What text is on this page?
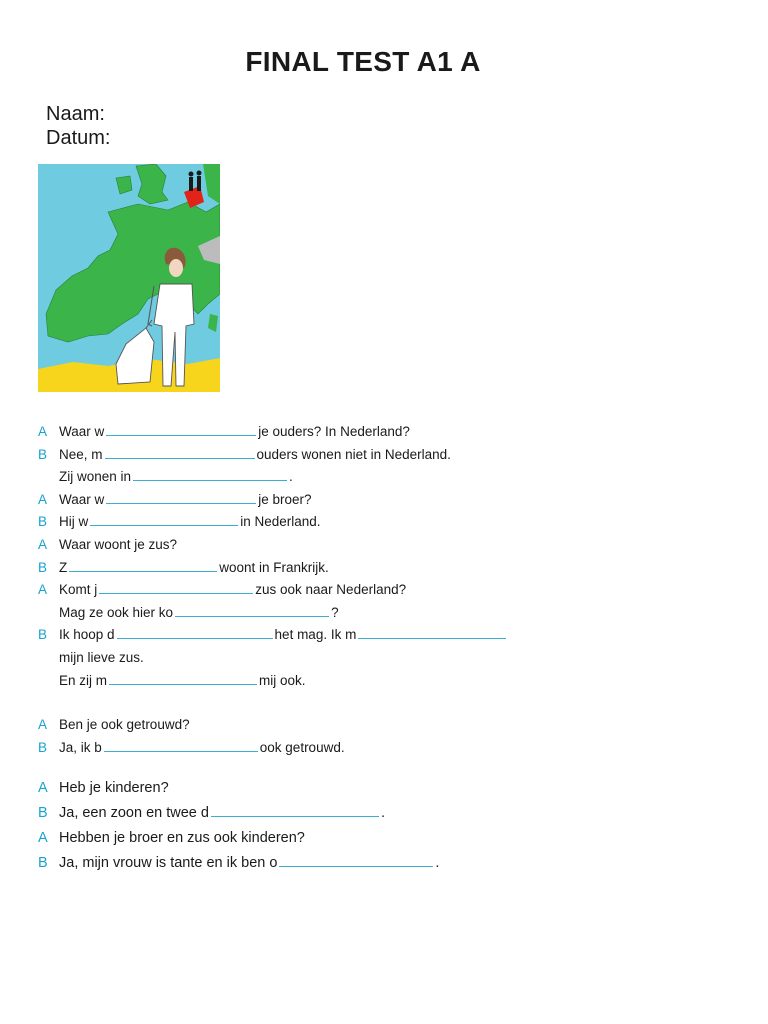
FINAL TEST A1 A
Naam:
Datum:
A Waar w	je ouders? In Nederland?
B Nee, m	ouders wonen niet in Nederland.
Zij wonen in	.
A Waar w	je broer?
B Hij w	in Nederland.
A Waar woont je zus?
B Z	woont in Frankrijk.
A Komt j	zus ook naar Nederland?
Mag ze ook hier ko	?
B Ik hoop d	het mag. Ik m
mijn lieve zus.
En zij m	mij ook.
A Ben je ook getrouwd?
B Ja, ik b	ook getrouwd.
A Heb je kinderen?
B Ja, een zoon en twee d	.
A Hebben je broer en zus ook kinderen?
B Ja, mijn vrouw is tante en ik ben o	.
